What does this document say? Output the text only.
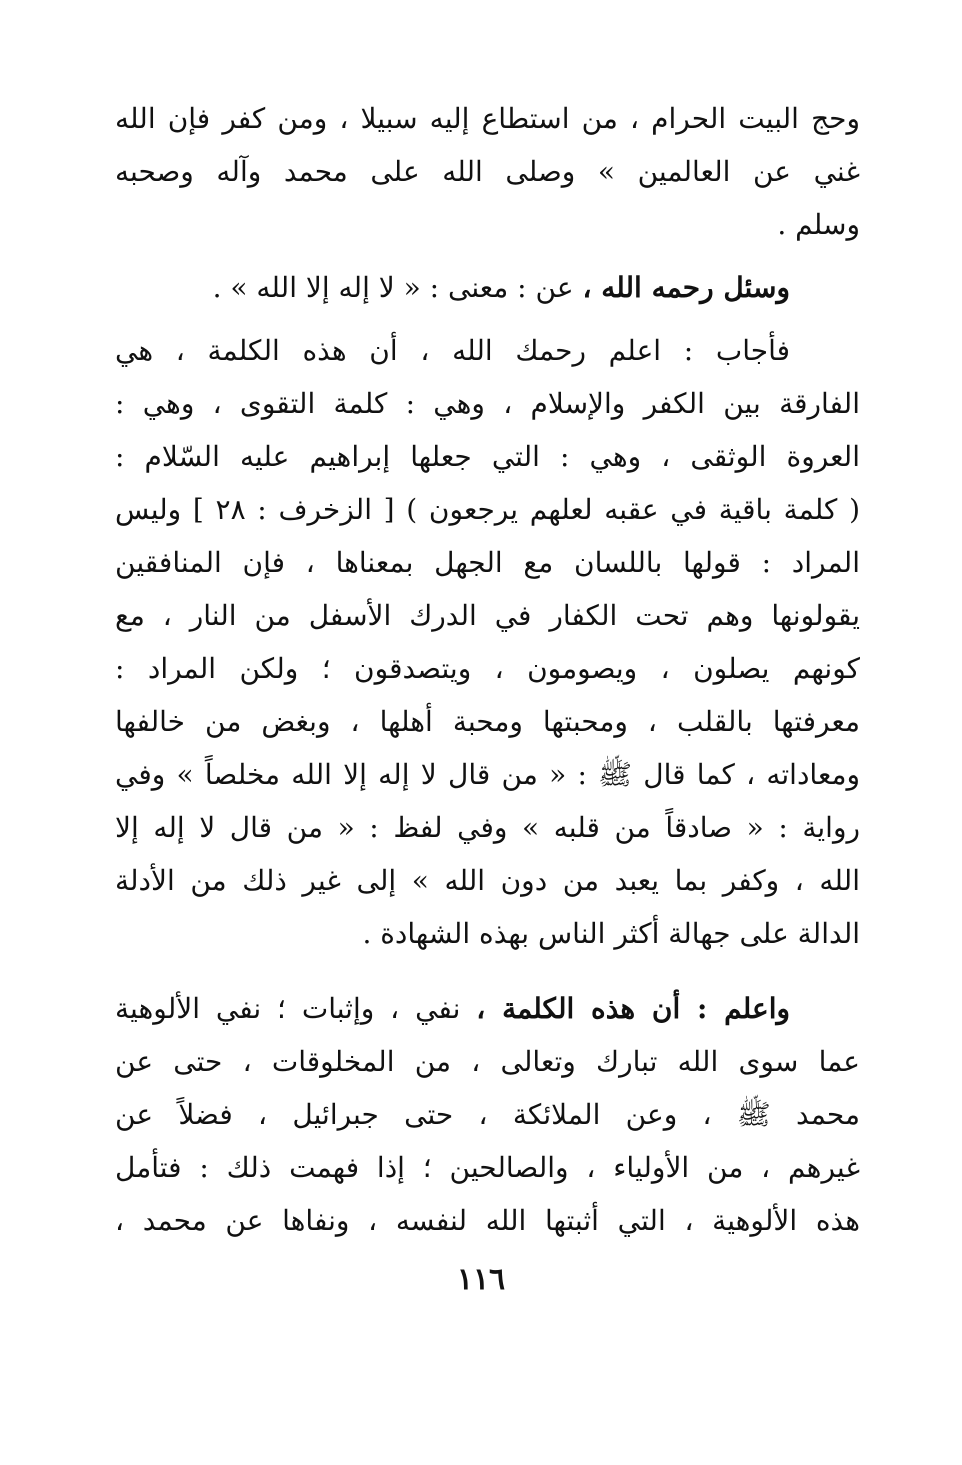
وحج البيت الحرام ، من استطاع إليه سبيلا ، ومن كفر فإن الله
غني عن العالمين » وصلى الله على محمد وآله وصحبه
وسلم .

وسئل رحمه الله ، عن : معنى : « لا إله إلا الله » .

فأجاب : اعلم رحمك الله ، أن هذه الكلمة ، هي
الفارقة بين الكفر والإسلام ، وهي : كلمة التقوى ، وهي :
العروة الوثقى ، وهي : التي جعلها إبراهيم عليه السّلام :
( كلمة باقية في عقبه لعلهم يرجعون ) [ الزخرف : ٢٨ ] وليس
المراد : قولها باللسان مع الجهل بمعناها ، فإن المنافقين
يقولونها وهم تحت الكفار في الدرك الأسفل من النار ، مع
كونهم يصلون ، ويصومون ، ويتصدقون ؛ ولكن المراد :
معرفتها بالقلب ، ومحبتها ومحبة أهلها ، وبغض من خالفها
ومعاداته ، كما قال ﷺ : « من قال لا إله إلا الله مخلصاً » وفي
رواية : « صادقاً من قلبه » وفي لفظ : « من قال لا إله إلا
الله ، وكفر بما يعبد من دون الله » إلى غير ذلك من الأدلة
الدالة على جهالة أكثر الناس بهذه الشهادة .

واعلم : أن هذه الكلمة ، نفي ، وإثبات ؛ نفي الألوهية
عما سوى الله تبارك وتعالى ، من المخلوقات ، حتى عن
محمد ﷺ ، وعن الملائكة ، حتى جبرائيل ، فضلاً عن
غيرهم ، من الأولياء ، والصالحين ؛ إذا فهمت ذلك : فتأمل
هذه الألوهية ، التي أثبتها الله لنفسه ، ونفاها عن محمد ،

١١٦
